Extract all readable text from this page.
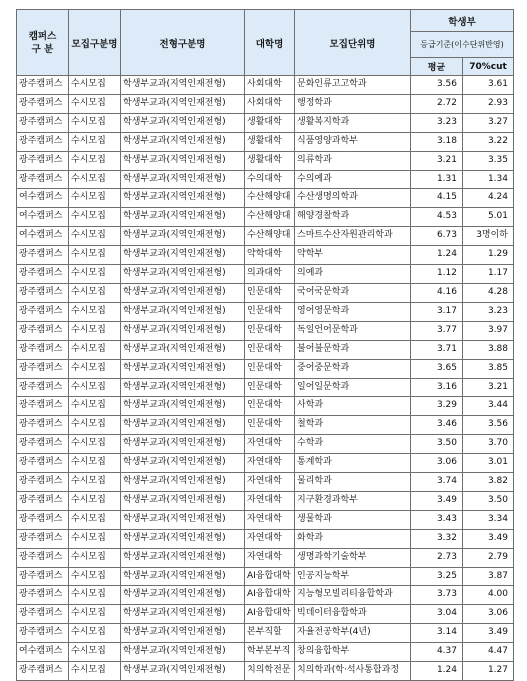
캠퍼스
구 분	모집구분명	전형구분명	대학명	모집단위명	학생부	
					등급기준(이수단위반영)	
					평균	70%cut
광주캠퍼스	수시모집	학생부교과(지역인재전형)	사회대학	문화인류고고학과	3.56	3.61
광주캠퍼스	수시모집	학생부교과(지역인재전형)	사회대학	행정학과	2.72	2.93
광주캠퍼스	수시모집	학생부교과(지역인재전형)	생활대학	생활복지학과	3.23	3.27
광주캠퍼스	수시모집	학생부교과(지역인재전형)	생활대학	식품영양과학부	3.18	3.22
광주캠퍼스	수시모집	학생부교과(지역인재전형)	생활대학	의류학과	3.21	3.35
광주캠퍼스	수시모집	학생부교과(지역인재전형)	수의대학	수의예과	1.31	1.34
여수캠퍼스	수시모집	학생부교과(지역인재전형)	수산해양대	수산생명의학과	4.15	4.24
여수캠퍼스	수시모집	학생부교과(지역인재전형)	수산해양대	해양경찰학과	4.53	5.01
여수캠퍼스	수시모집	학생부교과(지역인재전형)	수산해양대	스마트수산자원관리학과	6.73	3명이하
광주캠퍼스	수시모집	학생부교과(지역인재전형)	약학대학	약학부	1.24	1.29
광주캠퍼스	수시모집	학생부교과(지역인재전형)	의과대학	의예과	1.12	1.17
광주캠퍼스	수시모집	학생부교과(지역인재전형)	인문대학	국어국문학과	4.16	4.28
광주캠퍼스	수시모집	학생부교과(지역인재전형)	인문대학	영어영문학과	3.17	3.23
광주캠퍼스	수시모집	학생부교과(지역인재전형)	인문대학	독일언어문학과	3.77	3.97
광주캠퍼스	수시모집	학생부교과(지역인재전형)	인문대학	불어불문학과	3.71	3.88
광주캠퍼스	수시모집	학생부교과(지역인재전형)	인문대학	중어중문학과	3.65	3.85
광주캠퍼스	수시모집	학생부교과(지역인재전형)	인문대학	일어일문학과	3.16	3.21
광주캠퍼스	수시모집	학생부교과(지역인재전형)	인문대학	사학과	3.29	3.44
광주캠퍼스	수시모집	학생부교과(지역인재전형)	인문대학	철학과	3.46	3.56
광주캠퍼스	수시모집	학생부교과(지역인재전형)	자연대학	수학과	3.50	3.70
광주캠퍼스	수시모집	학생부교과(지역인재전형)	자연대학	통계학과	3.06	3.01
광주캠퍼스	수시모집	학생부교과(지역인재전형)	자연대학	물리학과	3.74	3.82
광주캠퍼스	수시모집	학생부교과(지역인재전형)	자연대학	지구환경과학부	3.49	3.50
광주캠퍼스	수시모집	학생부교과(지역인재전형)	자연대학	생물학과	3.43	3.34
광주캠퍼스	수시모집	학생부교과(지역인재전형)	자연대학	화학과	3.32	3.49
광주캠퍼스	수시모집	학생부교과(지역인재전형)	자연대학	생명과학기술학부	2.73	2.79
광주캠퍼스	수시모집	학생부교과(지역인재전형)	AI융합대학	인공지능학부	3.25	3.87
광주캠퍼스	수시모집	학생부교과(지역인재전형)	AI융합대학	지능형모빌리티융합학과	3.73	4.00
광주캠퍼스	수시모집	학생부교과(지역인재전형)	AI융합대학	빅데이터융합학과	3.04	3.06
광주캠퍼스	수시모집	학생부교과(지역인재전형)	본부직할	자율전공학부(4년)	3.14	3.49
여수캠퍼스	수시모집	학생부교과(지역인재전형)	학부본부직	창의융합학부	4.37	4.47
광주캠퍼스	수시모집	학생부교과(지역인재전형)	치의학전문	치의학과(학·석사통합과정	1.24	1.27
